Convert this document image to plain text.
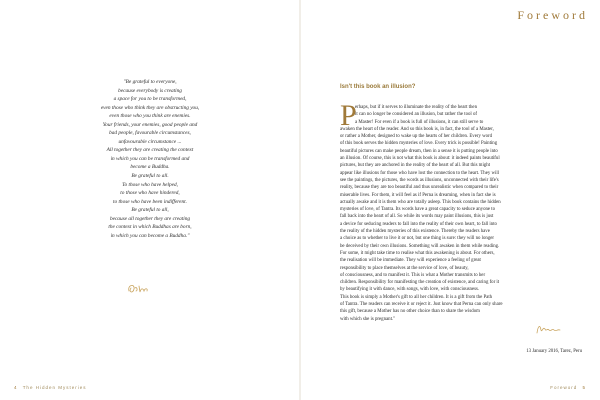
"Be grateful to everyone,
because everybody is creating
a space for you to be transformed,
even those who think they are obstructing you,
even those who you think are enemies.
Your friends, your enemies, good people and
bad people, favourable circumstances,
unfavourable circumstance ...
All together they are creating the context
in which you can be transformed and
become a Buddha.
Be grateful to all.
To those who have helped,
to those who have hindered,
to those who have been indifferent.
Be grateful to all,
because all together they are creating
the context in which Buddhas are born,
in which you can become a Buddha."
4 The Hidden Mysteries
Foreword
Isn't this book an illusion?
P
erhaps, but if it serves to illuminate the reality of the heart then
it can no longer be considered an illusion, but rather the tool of
a Master! For even if a book is full of illusions, it can still serve to
awaken the heart of the reader. And so this book is, in fact, the tool of a Master,
or rather a Mother, designed to wake up the hearts of her children. Every word
of this book serves the hidden mysteries of love. Every trick is possible! Painting
beautiful pictures can make people dream, then in a sense it is putting people into
an illusion. Of course, this is not what this book is about: it indeed paints beautiful
pictures, but they are anchored in the reality of the heart of all. But this might
appear like illusions for those who have lost the connection to the heart. They will
see the paintings, the pictures, the words as illusions, unconnected with their life's
reality, because they are too beautiful and thus unrealistic when compared to their
miserable lives. For them, it will feel as if Perna is dreaming, when in fact she is
actually awake and it is them who are totally asleep. This book contains the hidden
mysteries of love, of Tantra. Its words have a great capacity to seduce anyone to
fall back into the heart of all. So while its words may paint illusions, this is just
a device for seducing readers to fall into the reality of their own heart, to fall into
the reality of the hidden mysteries of this existence. Thereby the readers have
a choice as to whether to live it or not, but one thing is sure: they will no longer
be deceived by their own illusions. Something will awaken in them while reading.
For some, it might take time to realise what this awakening is about. For others,
the realisation will be immediate. They will experience a feeling of great
responsibility to place themselves at the service of love, of beauty,
of consciousness, and to manifest it. This is what a Mother transmits to her
children. Responsibility for manifesting the creation of existence, and caring for it
by beautifying it with dance, with songs, with love, with consciousness.
This book is simply a Mother's gift to all her children. It is a gift from the Path
of Tantra. The readers can receive it or reject it. Just know that Perna can only share
this gift, because a Mother has no other choice than to share the wisdom
with which she is pregnant."
13 January 2016, Tarez, Peru
Foreword 5
